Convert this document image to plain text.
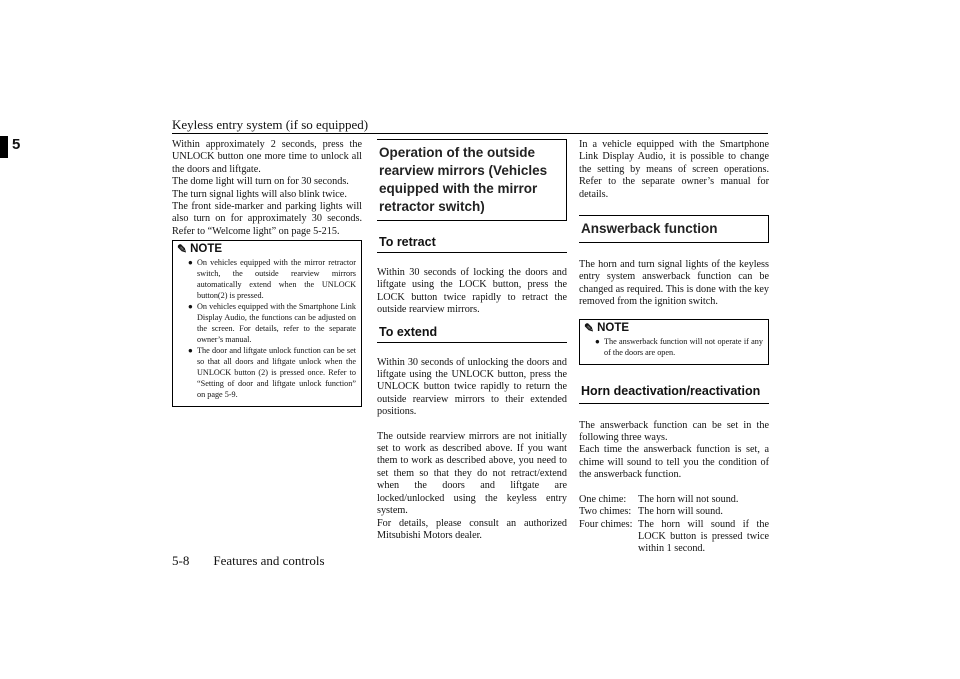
Keyless entry system (if so equipped)
5	Within approximately 2 seconds, press the UNLOCK button one more time to unlock all the doors and liftgate.

The dome light will turn on for 30 seconds.

The turn signal lights will also blink twice.

The front side-marker and parking lights will also turn on for approximately 30 seconds. Refer to “Welcome light” on page 5-215.

✎ NOTE
● On vehicles equipped with the mirror retractor switch, the outside rearview mirrors automatically extend when the UNLOCK button(2) is pressed.
● On vehicles equipped with the Smartphone Link Display Audio, the functions can be adjusted on the screen. For details, refer to the separate owner’s manual.
● The door and liftgate unlock function can be set so that all doors and liftgate unlock when the UNLOCK button (2) is pressed once. Refer to “Setting of door and liftgate unlock function” on page 5-9.
Operation of the outside rearview mirrors (Vehicles equipped with the mirror retractor switch)
To retract

Within 30 seconds of locking the doors and liftgate using the LOCK button, press the LOCK button twice rapidly to retract the outside rearview mirrors.

To extend

Within 30 seconds of unlocking the doors and liftgate using the UNLOCK button, press the UNLOCK button twice rapidly to return the outside rearview mirrors to their extended positions.

The outside rearview mirrors are not initially set to work as described above. If you want them to work as described above, you need to set them so that they do not retract/extend when the doors and liftgate are locked/unlocked using the keyless entry system.

For details, please consult an authorized Mitsubishi Motors dealer.

In a vehicle equipped with the Smartphone Link Display Audio, it is possible to change the setting by means of screen operations. Refer to the separate owner’s manual for details.

Answerback function

The horn and turn signal lights of the keyless entry system answerback function can be changed as required. This is done with the key removed from the ignition switch.

✎ NOTE
● The answerback function will not operate if any of the doors are open.
Horn deactivation/reactivation

The answerback function can be set in the following three ways.

Each time the answerback function is set, a chime will sound to tell you the condition of the answerback function.

One chime:	The horn will not sound.
Two chimes: The horn will sound.
Four chimes: The horn will sound if the LOCK button is pressed twice within 1 second.
5-8 Features and controls
